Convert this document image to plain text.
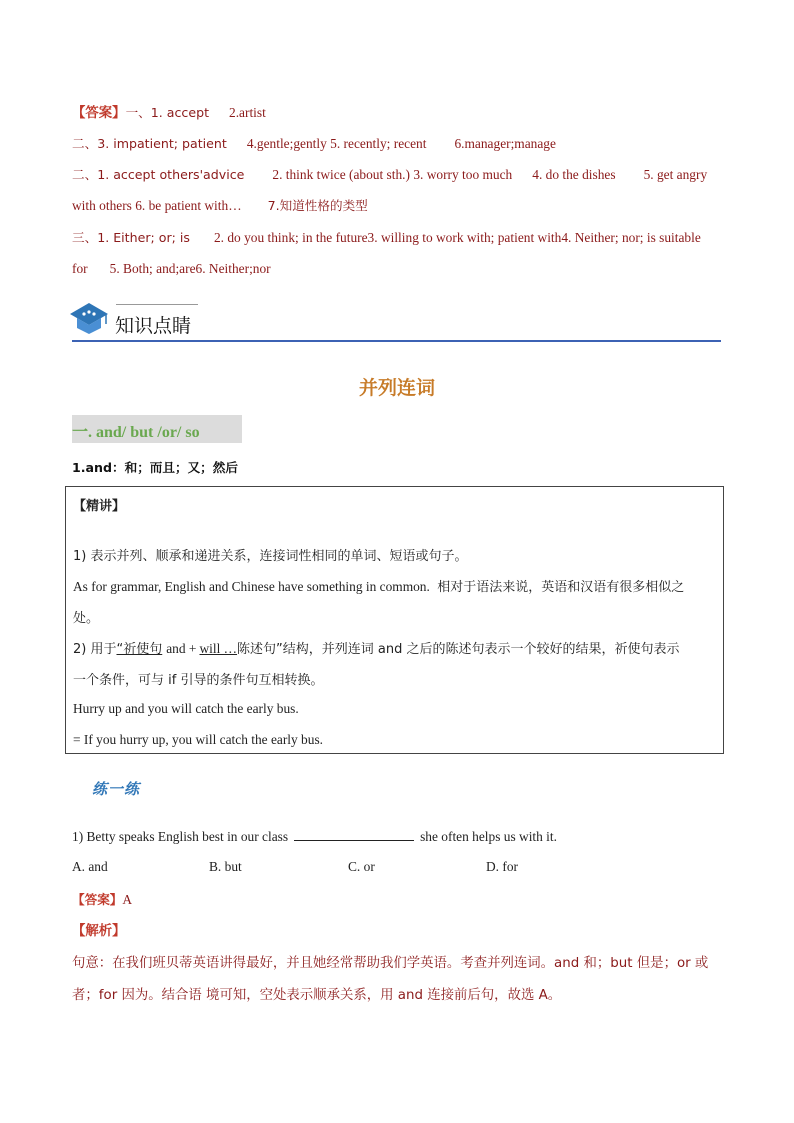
【答案】一、1. accept 2.artist
二、3. impatient; patient 4.gentle;gently 5. recently; recent 6.manager;manage
二、1. accept others'advice 2. think twice (about sth.) 3. worry too much 4. do the dishes 5. get angry
with others 6. be patient with… 7.知道性格的类型
三、1. Either; or; is 2. do you think; in the future3. willing to work with; patient with4. Neither; nor; is suitable
for 5. Both; and;are6. Neither;nor
知识点睛
并列连词
一. and/ but /or/ so
1.and：和；而且；又；然后
【精讲】
1) 表示并列、顺承和递进关系，连接词性相同的单词、短语或句子。
As for grammar, English and Chinese have something in common. 相对于语法来说，英语和汉语有很多相似之
处。
2) 用于“祈使句 and + will …陈述句”结构，并列连词 and 之后的陈述句表示一个较好的结果，祈使句表示
一个条件，可与 if 引导的条件句互相转换。
Hurry up and you will catch the early bus.
= If you hurry up, you will catch the early bus.
练一练
1) Betty speaks English best in our class	she often helps us with it.
A. and	B. but	C. or	D. for
【答案】A
【解析】
句意：在我们班贝蒂英语讲得最好，并且她经常帮助我们学英语。考查并列连词。and 和；but 但是；or 或
者；for 因为。结合语 境可知，空处表示顺承关系，用 and 连接前后句，故选 A。
